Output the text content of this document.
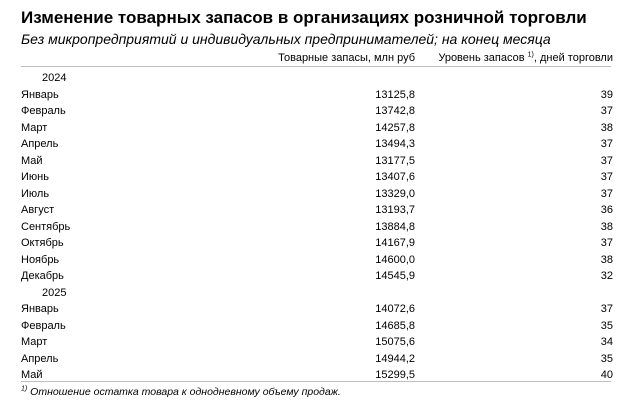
Изменение товарных запасов в организациях розничной торговли
Без микропредприятий и индивидуальных предпринимателей; на конец месяца
Товарные запасы, млн руб Уровень запасов $^{1)}$, дней торговли
2024
Январь	13125,8	39
Февраль	13742,8	37
Март	14257,8	38
Апрель	13494,3	37
Май	13177,5	37
Июнь	13407,6	37
Июль	13329,0	37
Август	13193,7	36
Сентябрь	13884,8	38
Октябрь	14167,9	37
Ноябрь	14600,0	38
Декабрь	14545,9	32
2025
Январь	14072,6	37
Февраль	14685,8	35
Март	15075,6	34
Апрель	14944,2	35
Май	15299,5	40
$^{1)}$ Отношение остатка товара к однодневному объему продаж.
